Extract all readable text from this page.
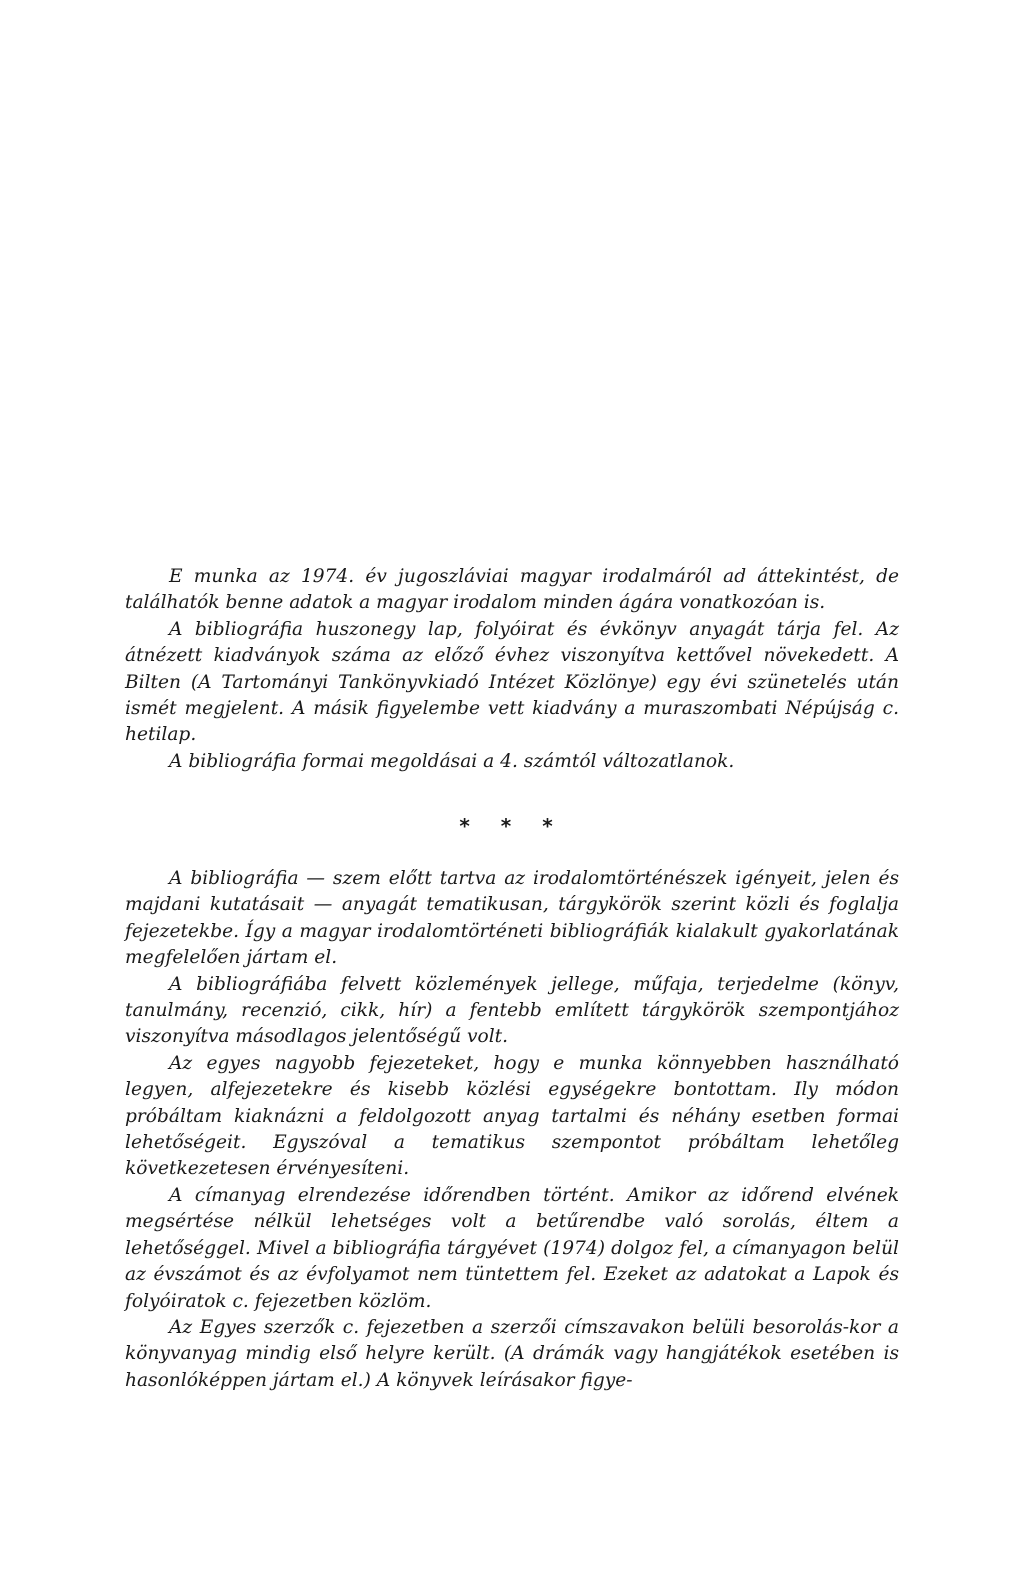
E munka az 1974. év jugoszláviai magyar irodalmáról ad áttekintést, de találhatók benne adatok a magyar irodalom minden ágára vonatkozóan is.

A bibliográfia huszonegy lap, folyóirat és évkönyv anyagát tárja fel. Az átnézett kiadványok száma az előző évhez viszonyítva kettővel növekedett. A Bilten (A Tartományi Tankönyvkiadó Intézet Közlönye) egy évi szünetelés után ismét megjelent. A másik figyelembe vett kiadvány a muraszombati Népújság c. hetilap.

A bibliográfia formai megoldásai a 4. számtól változatlanok.

* * *

A bibliográfia — szem előtt tartva az irodalomtörténészek igényeit, jelen és majdani kutatásait — anyagát tematikusan, tárgykörök szerint közli és foglalja fejezetekbe. Így a magyar irodalomtörténeti bibliográfiák kialakult gyakorlatának megfelelően jártam el.

A bibliográfiába felvett közlemények jellege, műfaja, terjedelme (könyv, tanulmány, recenzió, cikk, hír) a fentebb említett tárgykörök szempontjához viszonyítva másodlagos jelentőségű volt.

Az egyes nagyobb fejezeteket, hogy e munka könnyebben használható legyen, alfejezetekre és kisebb közlési egységekre bontottam. Ily módon próbáltam kiaknázni a feldolgozott anyag tartalmi és néhány esetben formai lehetőségeit. Egyszóval a tematikus szempontot próbáltam lehetőleg következetesen érvényesíteni.

A címanyag elrendezése időrendben történt. Amikor az időrend elvének megsértése nélkül lehetséges volt a betűrendbe való sorolás, éltem a lehetőséggel. Mivel a bibliográfia tárgyévet (1974) dolgoz fel, a címanyagon belül az évszámot és az évfolyamot nem tüntettem fel. Ezeket az adatokat a Lapok és folyóiratok c. fejezetben közlöm.

Az Egyes szerzők c. fejezetben a szerzői címszavakon belüli besorolás-kor a könyvanyag mindig első helyre került. (A drámák vagy hangjátékok esetében is hasonlóképpen jártam el.) A könyvek leírásakor figye-
